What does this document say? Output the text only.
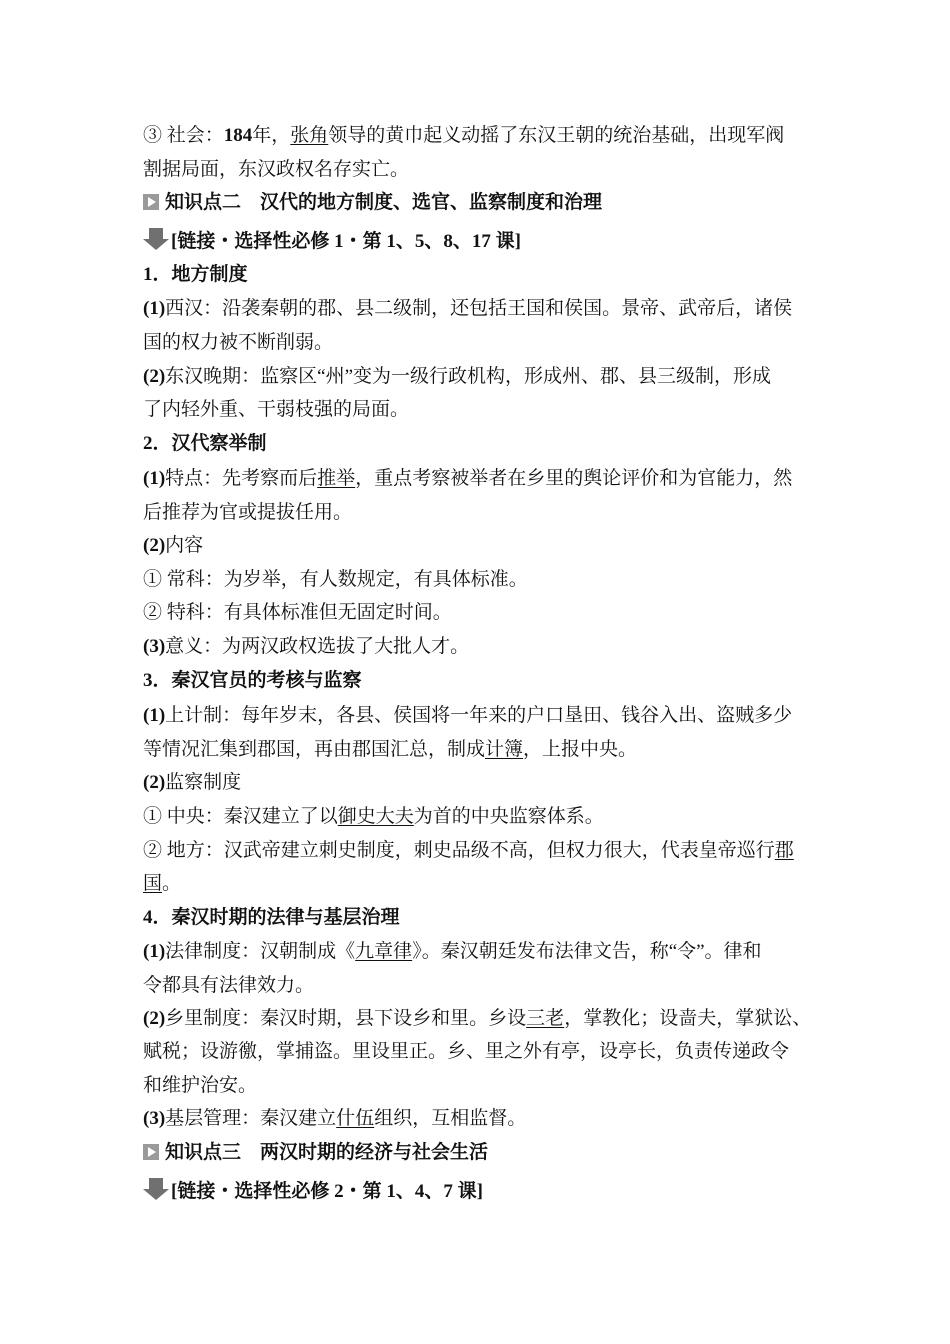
③ 社会：184年，张角领导的黄巾起义动摇了东汉王朝的统治基础，出现军阀
割据局面，东汉政权名存实亡。
知识点二　汉代的地方制度、选官、监察制度和治理
[链接・选择性必修 1・第 1、5、8、17 课]
1．地方制度
(1)西汉：沿袭秦朝的郡、县二级制，还包括王国和侯国。景帝、武帝后，诸侯
国的权力被不断削弱。
(2)东汉晚期：监察区“州”变为一级行政机构，形成州、郡、县三级制，形成
了内轻外重、干弱枝强的局面。
2．汉代察举制
(1)特点：先考察而后推举，重点考察被举者在乡里的舆论评价和为官能力，然
后推荐为官或提拔任用。
(2)内容
① 常科：为岁举，有人数规定，有具体标准。
② 特科：有具体标准但无固定时间。
(3)意义：为两汉政权选拔了大批人才。
3．秦汉官员的考核与监察
(1)上计制：每年岁末，各县、侯国将一年来的户口垦田、钱谷入出、盗贼多少
等情况汇集到郡国，再由郡国汇总，制成计簿，上报中央。
(2)监察制度
① 中央：秦汉建立了以御史大夫为首的中央监察体系。
② 地方：汉武帝建立刺史制度，刺史品级不高，但权力很大，代表皇帝巡行郡
国。
4．秦汉时期的法律与基层治理
(1)法律制度：汉朝制成《九章律》。秦汉朝廷发布法律文告，称“令”。律和
令都具有法律效力。
(2)乡里制度：秦汉时期，县下设乡和里。乡设三老，掌教化；设啬夫，掌狱讼、
赋税；设游徼，掌捕盗。里设里正。乡、里之外有亭，设亭长，负责传递政令
和维护治安。
(3)基层管理：秦汉建立什伍组织，互相监督。
知识点三　两汉时期的经济与社会生活
[链接・选择性必修 2・第 1、4、7 课]
